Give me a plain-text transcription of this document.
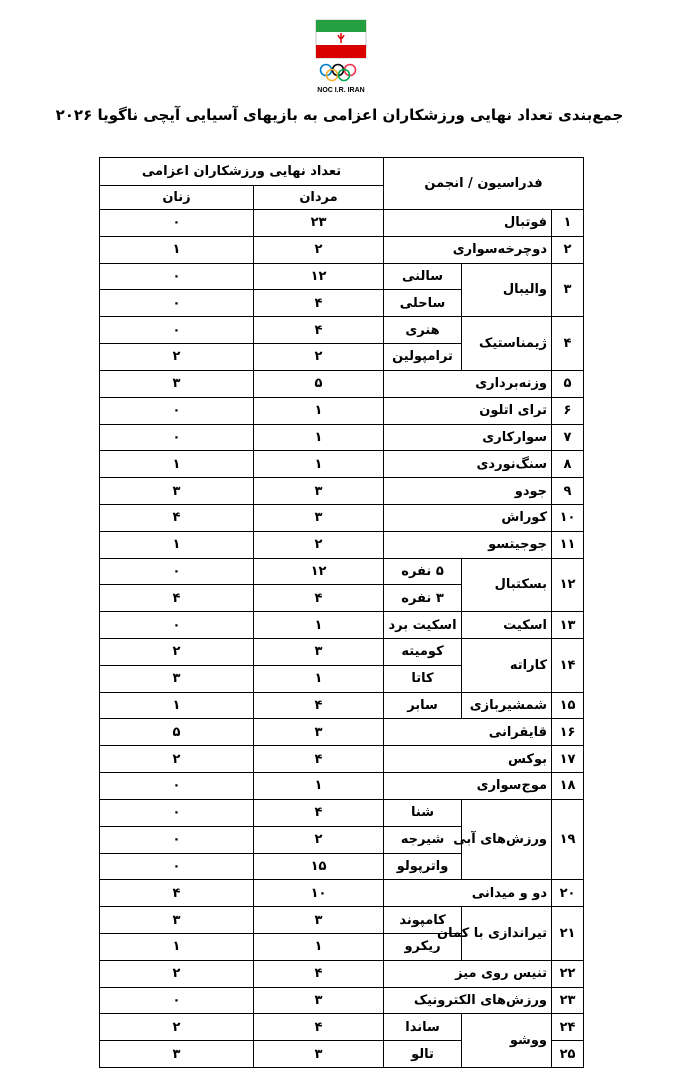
NOC I.R. IRAN
جمع‌بندی تعداد نهایی ورزشکاران اعزامی به بازیهای آسیایی آیچی ناگویا ۲۰۲۶
فدراسیون / انجمن			تعداد نهایی ورزشکاران اعزامی	
			مردان	زنان
۱	فوتبال		۲۳	۰
۲	دوچرخه‌سواری		۲	۱
۳	والیبال	سالنی	۱۲	۰
		ساحلی	۴	۰
۴	ژیمناستیک	هنری	۴	۰
		ترامپولین	۲	۲
۵	وزنه‌برداری		۵	۳
۶	ترای اتلون		۱	۰
۷	سوارکاری		۱	۰
۸	سنگ‌نوردی		۱	۱
۹	جودو		۳	۳
۱۰	کوراش		۳	۴
۱۱	جوجیتسو		۲	۱
۱۲	بسکتبال	۵ نفره	۱۲	۰
		۳ نفره	۴	۴
۱۳	اسکیت	اسکیت برد	۱	۰
۱۴	کاراته	کومیته	۳	۲
		کاتا	۱	۳
۱۵	شمشیربازی	سابر	۴	۱
۱۶	قایقرانی		۳	۵
۱۷	بوکس		۴	۲
۱۸	موج‌سواری		۱	۰
۱۹	ورزش‌های آبی	شنا	۴	۰
		شیرجه	۲	۰
		واترپولو	۱۵	۰
۲۰	دو و میدانی		۱۰	۴
۲۱	تیراندازی با کمان	کامپوند	۳	۳
		ریکرو	۱	۱
۲۲	تنیس روی میز		۴	۲
۲۳	ورزش‌های الکترونیک		۳	۰
۲۴	ووشو	ساندا	۴	۲
۲۵		تالو	۳	۳
